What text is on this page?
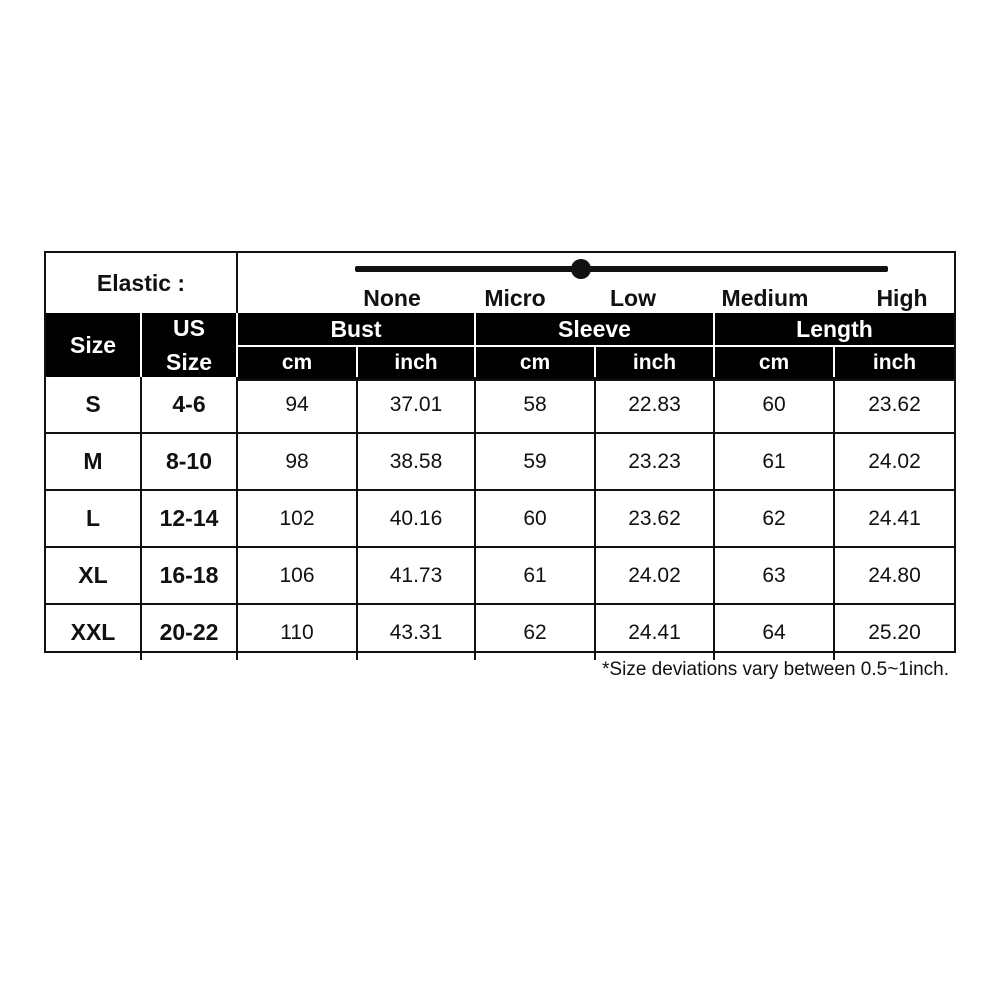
Elastic :
None	Micro	Low	Medium	High
Size
US
Size
Bust	Sleeve	Length
cm	inch	cm	inch	cm	inch
S	4-6	94	37.01	58	22.83	60	23.62
M	8-10	98	38.58	59	23.23	61	24.02
L	12-14	102	40.16	60	23.62	62	24.41
XL	16-18	106	41.73	61	24.02	63	24.80
XXL	20-22	110	43.31	62	24.41	64	25.20
*Size deviations vary between 0.5~1inch.
